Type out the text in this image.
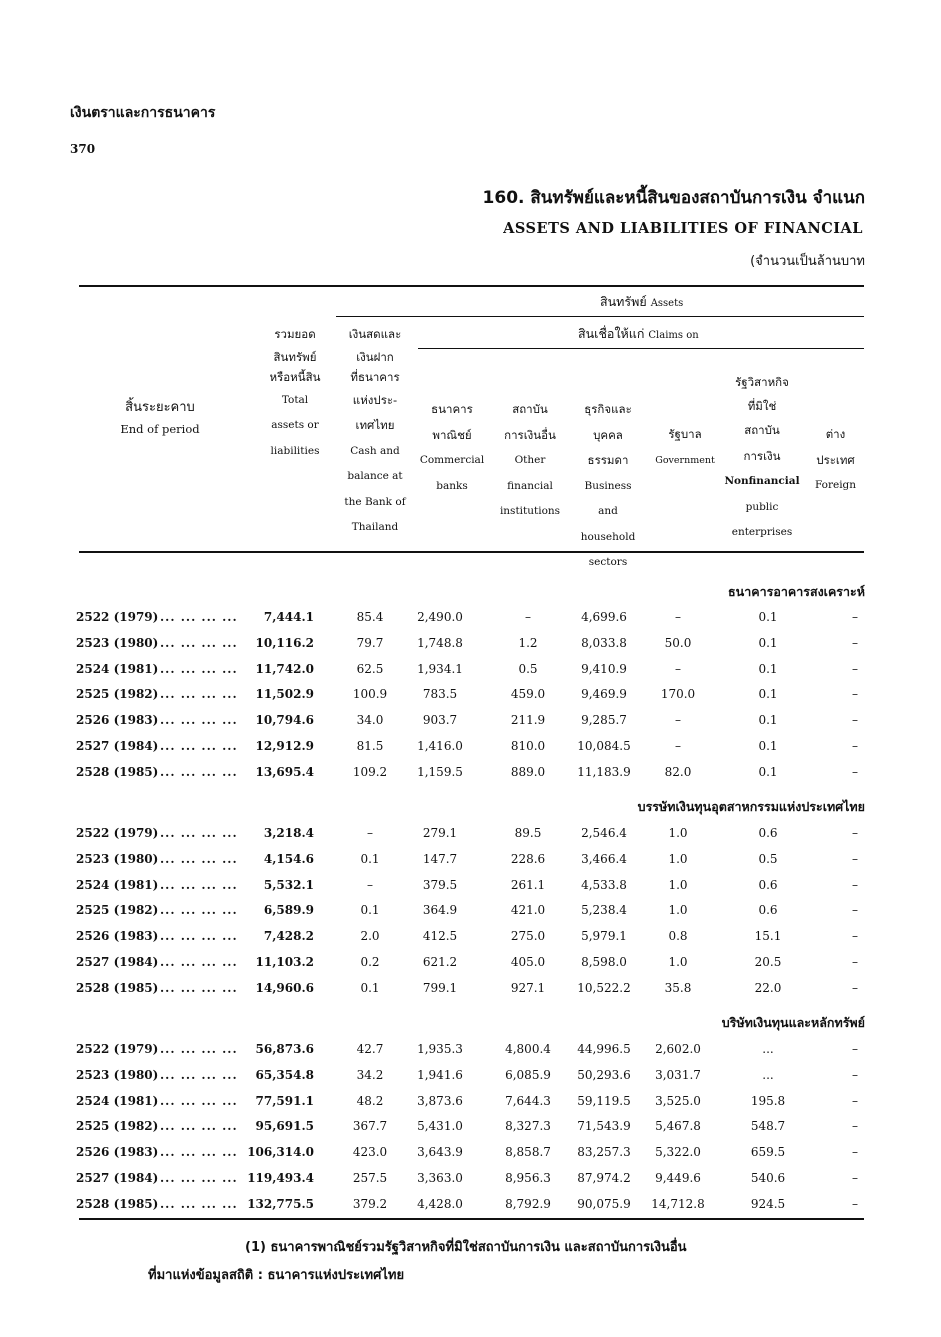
เงินตราและการธนาคาร
370
160. สินทรัพย์และหนี้สินของสถาบันการเงิน จำแนก
ASSETS AND LIABILITIES OF FINANCIAL
(จำนวนเป็นล้านบาท
สินทรัพย์ Assets
สินเชื่อให้แก่ Claims on
สิ้นระยะคาบ
End of period
รวมยอด
สินทรัพย์
หรือหนี้สิน
Total
assets or
liabilities
เงินสดและ
เงินฝาก
ที่ธนาคาร
แห่งประ-
เทศไทย
Cash and
balance at
the Bank of
Thailand
ธนาคาร
พาณิชย์
Commercial
banks
สถาบัน
การเงินอื่น
Other
financial
institutions
ธุรกิจและ
บุคคล
ธรรมดา
Business
and
household
sectors
รัฐบาล
Government
รัฐวิสาหกิจ
ที่มิใช่
สถาบัน
การเงิน
Nonfinancial
public
enterprises
ต่าง
ประเทศ
Foreign
ธนาคารอาคารสงเคราะห์
บรรษัทเงินทุนอุตสาหกรรมแห่งประเทศไทย
บริษัทเงินทุนและหลักทรัพย์
2522 (1979) ... ... ... ... 7,444.1	85.4	2,490.0	–	4,699.6	–	0.1	–
2523 (1980) ... ... ... ... 10,116.2	79.7	1,748.8	1.2	8,033.8	50.0	0.1	–
2524 (1981) ... ... ... ... 11,742.0	62.5	1,934.1	0.5	9,410.9	–	0.1	–
2525 (1982) ... ... ... ... 11,502.9	100.9	783.5	459.0	9,469.9	170.0	0.1	–
2526 (1983) ... ... ... ... 10,794.6	34.0	903.7	211.9	9,285.7	–	0.1	–
2527 (1984) ... ... ... ... 12,912.9	81.5	1,416.0	810.0	10,084.5	–	0.1	–
2528 (1985) ... ... ... ... 13,695.4	109.2	1,159.5	889.0	11,183.9	82.0	0.1	–
2522 (1979) ... ... ... ... 3,218.4	–	279.1	89.5	2,546.4	1.0	0.6	–
2523 (1980) ... ... ... ... 4,154.6	0.1	147.7	228.6	3,466.4	1.0	0.5	–
2524 (1981) ... ... ... ... 5,532.1	–	379.5	261.1	4,533.8	1.0	0.6	–
2525 (1982) ... ... ... ... 6,589.9	0.1	364.9	421.0	5,238.4	1.0	0.6	–
2526 (1983) ... ... ... ... 7,428.2	2.0	412.5	275.0	5,979.1	0.8	15.1	–
2527 (1984) ... ... ... ... 11,103.2	0.2	621.2	405.0	8,598.0	1.0	20.5	–
2528 (1985) ... ... ... ... 14,960.6	0.1	799.1	927.1	10,522.2	35.8	22.0	–
2522 (1979) ... ... ... ... 56,873.6	42.7	1,935.3	4,800.4	44,996.5	2,602.0	...	–
2523 (1980) ... ... ... ... 65,354.8	34.2	1,941.6	6,085.9	50,293.6	3,031.7	...	–
2524 (1981) ... ... ... ... 77,591.1	48.2	3,873.6	7,644.3	59,119.5	3,525.0	195.8	–
2525 (1982) ... ... ... ... 95,691.5	367.7	5,431.0	8,327.3	71,543.9	5,467.8	548.7	–
2526 (1983) ... ... ... ... 106,314.0	423.0	3,643.9	8,858.7	83,257.3	5,322.0	659.5	–
2527 (1984) ... ... ... ... 119,493.4	257.5	3,363.0	8,956.3	87,974.2	9,449.6	540.6	–
2528 (1985) ... ... ... ... 132,775.5	379.2	4,428.0	8,792.9	90,075.9	14,712.8	924.5	–
(1) ธนาคารพาณิชย์รวมรัฐวิสาหกิจที่มิใช่สถาบันการเงิน และสถาบันการเงินอื่น
ที่มาแห่งข้อมูลสถิติ : ธนาคารแห่งประเทศไทย
